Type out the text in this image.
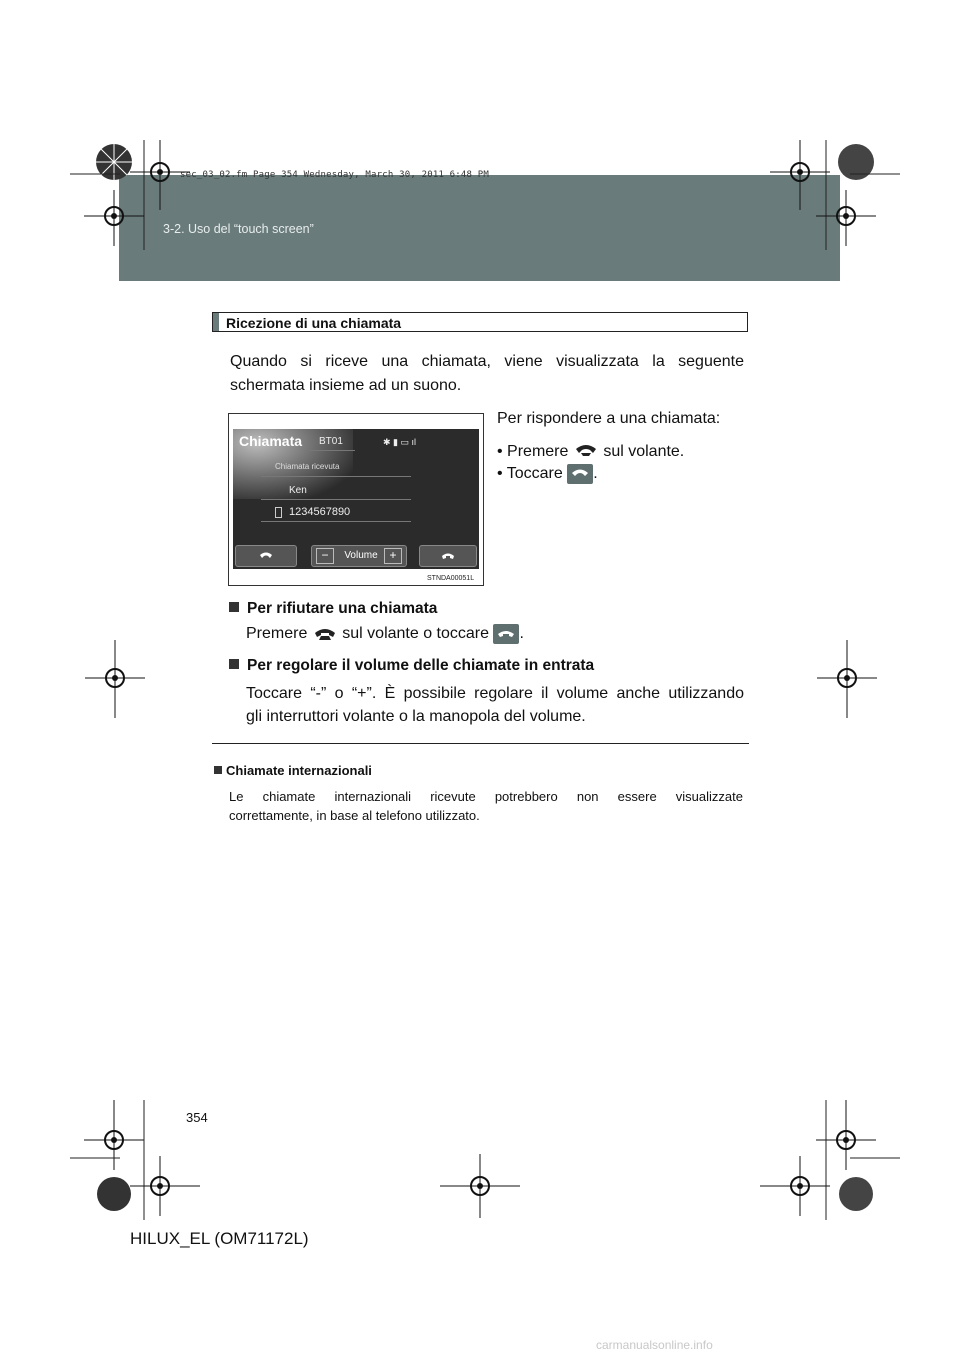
sec_03_02.fm Page 354 Wednesday, March 30, 2011 6:48 PM
3-2. Uso del “touch screen”
Ricezione di una chiamata
Quando si riceve una chiamata, viene visualizzata la seguente
schermata insieme ad un suono.
Chiamata BT01	✱ ▮ ▭ ıl
Chiamata ricevuta
Ken
1234567890
−	Volume +
STNDA00051L
Per rispondere a una chiamata:
• Premere sul volante.
• Toccare .
Per rifiutare una chiamata
Premere sul volante o toccare .
Per regolare il volume delle chiamate in entrata
Toccare “-” o “+”. È possibile regolare il volume anche utilizzando
gli interruttori volante o la manopola del volume.
Chiamate internazionali
Le chiamate internazionali ricevute potrebbero non essere visualizzate
correttamente, in base al telefono utilizzato.
354
HILUX_EL (OM71172L)
carmanualsonline.info
